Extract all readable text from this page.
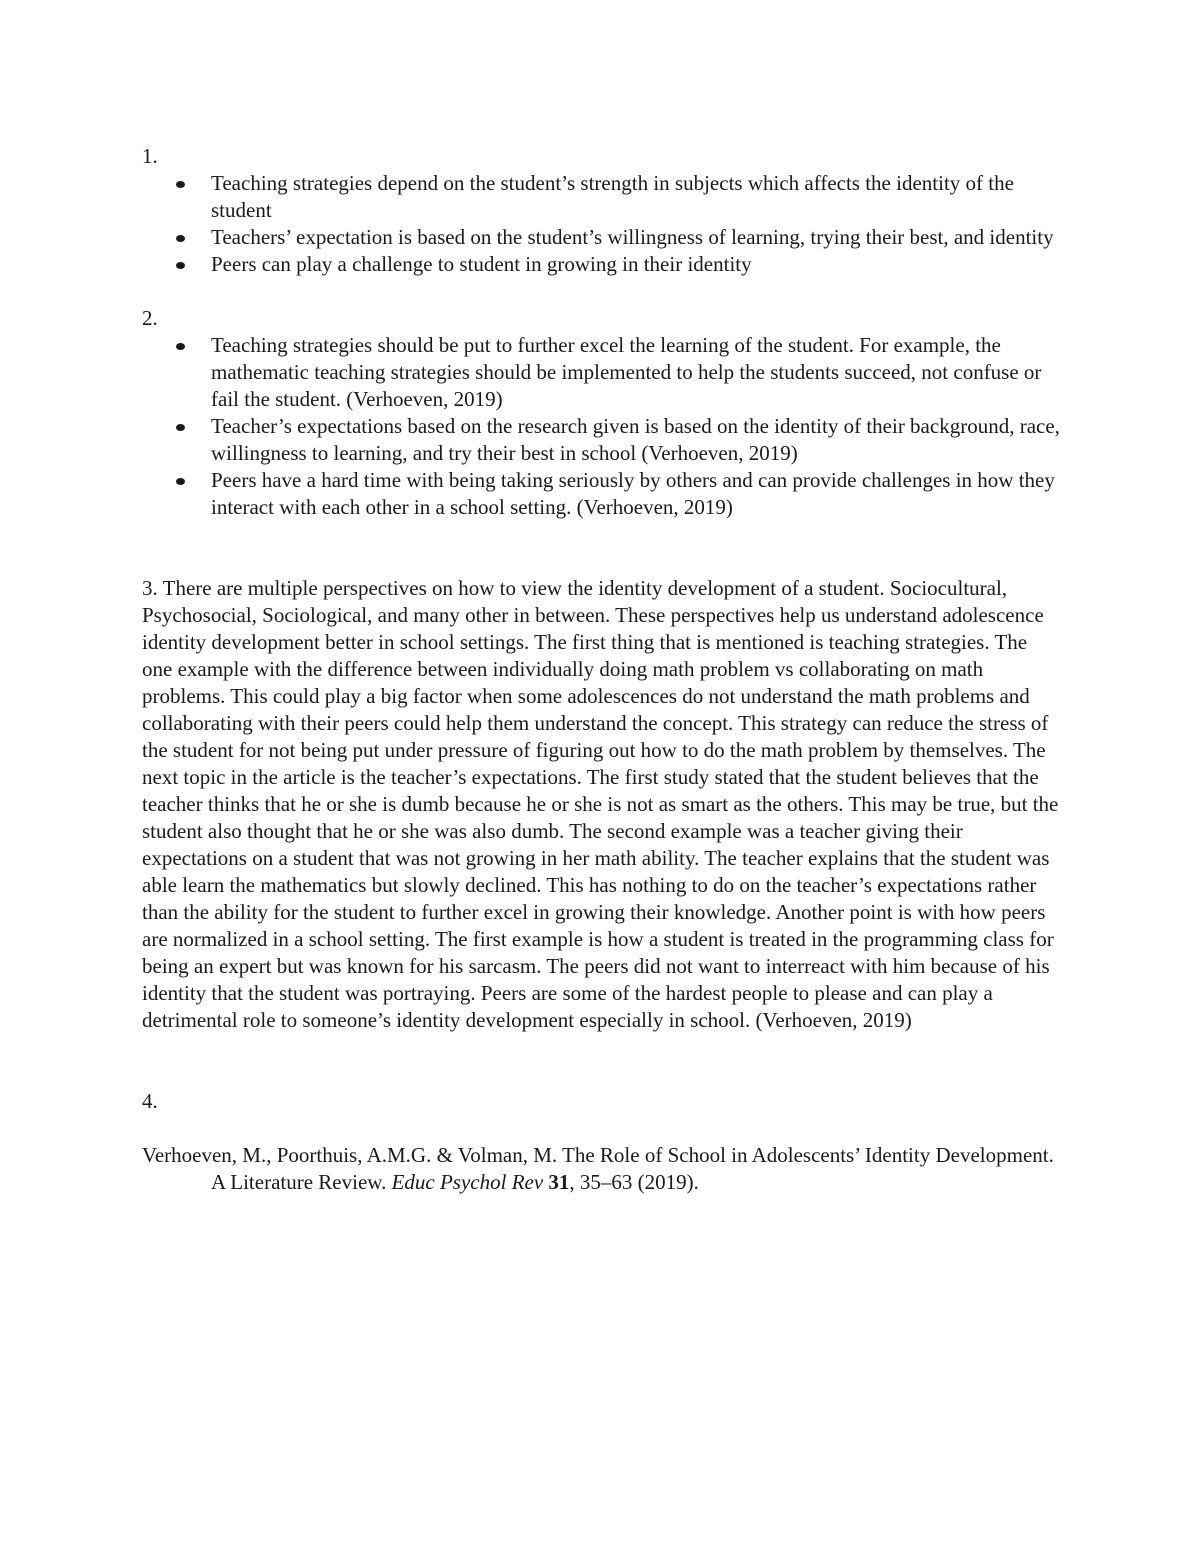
1.

Teaching strategies depend on the student’s strength in subjects which affects the identity of the student
Teachers’ expectation is based on the student’s willingness of learning, trying their best, and identity
Peers can play a challenge to student in growing in their identity

2.

Teaching strategies should be put to further excel the learning of the student. For example, the mathematic teaching strategies should be implemented to help the students succeed, not confuse or fail the student. (Verhoeven, 2019)
Teacher’s expectations based on the research given is based on the identity of their background, race, willingness to learning, and try their best in school (Verhoeven, 2019)
Peers have a hard time with being taking seriously by others and can provide challenges in how they interact with each other in a school setting. (Verhoeven, 2019)

3. There are multiple perspectives on how to view the identity development of a student. Sociocultural, Psychosocial, Sociological, and many other in between. These perspectives help us understand adolescence identity development better in school settings. The first thing that is mentioned is teaching strategies. The one example with the difference between individually doing math problem vs collaborating on math problems. This could play a big factor when some adolescences do not understand the math problems and collaborating with their peers could help them understand the concept. This strategy can reduce the stress of the student for not being put under pressure of figuring out how to do the math problem by themselves. The next topic in the article is the teacher’s expectations. The first study stated that the student believes that the teacher thinks that he or she is dumb because he or she is not as smart as the others. This may be true, but the student also thought that he or she was also dumb. The second example was a teacher giving their expectations on a student that was not growing in her math ability. The teacher explains that the student was able learn the mathematics but slowly declined. This has nothing to do on the teacher’s expectations rather than the ability for the student to further excel in growing their knowledge. Another point is with how peers are normalized in a school setting. The first example is how a student is treated in the programming class for being an expert but was known for his sarcasm. The peers did not want to interreact with him because of his identity that the student was portraying. Peers are some of the hardest people to please and can play a detrimental role to someone’s identity development especially in school. (Verhoeven, 2019)

4.

Verhoeven, M., Poorthuis, A.M.G. & Volman, M. The Role of School in Adolescents’ Identity Development. A Literature Review. Educ Psychol Rev 31, 35–63 (2019).
